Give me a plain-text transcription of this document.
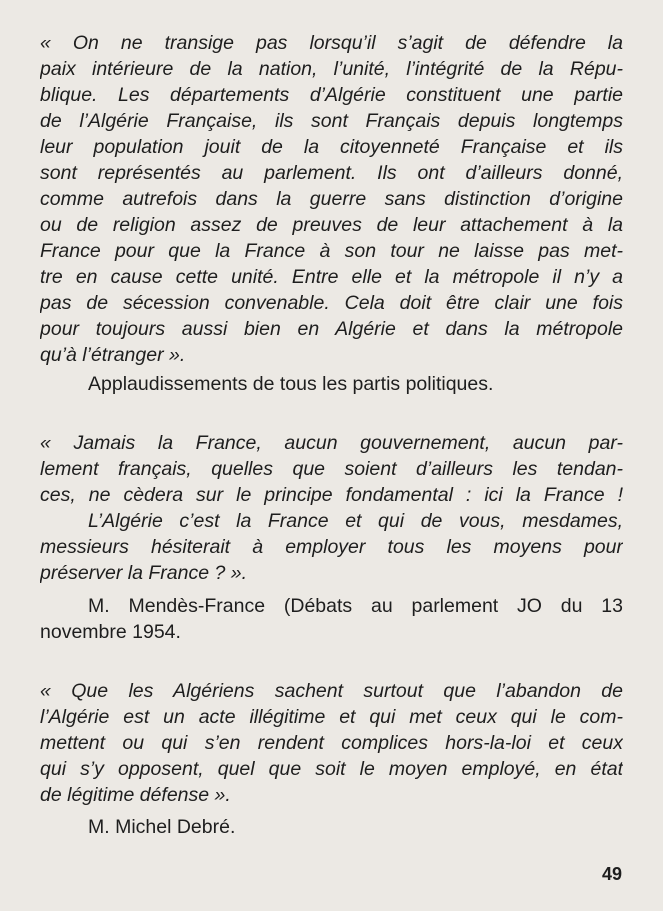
« On ne transige pas lorsqu’il s’agit de défendre la
paix intérieure de la nation, l’unité, l’intégrité de la Répu-
blique. Les départements d’Algérie constituent une partie
de l’Algérie Française, ils sont Français depuis longtemps
leur population jouit de la citoyenneté Française et ils
sont représentés au parlement. Ils ont d’ailleurs donné,
comme autrefois dans la guerre sans distinction d’origine
ou de religion assez de preuves de leur attachement à la
France pour que la France à son tour ne laisse pas met-
tre en cause cette unité. Entre elle et la métropole il n’y a
pas de sécession convenable. Cela doit être clair une fois
pour toujours aussi bien en Algérie et dans la métropole
qu’à l’étranger ».
Applaudissements de tous les partis politiques.
« Jamais la France, aucun gouvernement, aucun par-
lement français, quelles que soient d’ailleurs les tendan-
ces, ne cèdera sur le principe fondamental : ici la France !
L’Algérie c’est la France et qui de vous, mesdames,
messieurs hésiterait à employer tous les moyens pour
préserver la France ? ».
M. Mendès-France (Débats au parlement JO du 13
novembre 1954.
« Que les Algériens sachent surtout que l’abandon de
l’Algérie est un acte illégitime et qui met ceux qui le com-
mettent ou qui s’en rendent complices hors-la-loi et ceux
qui s’y opposent, quel que soit le moyen employé, en état
de légitime défense ».
M. Michel Debré.
49
